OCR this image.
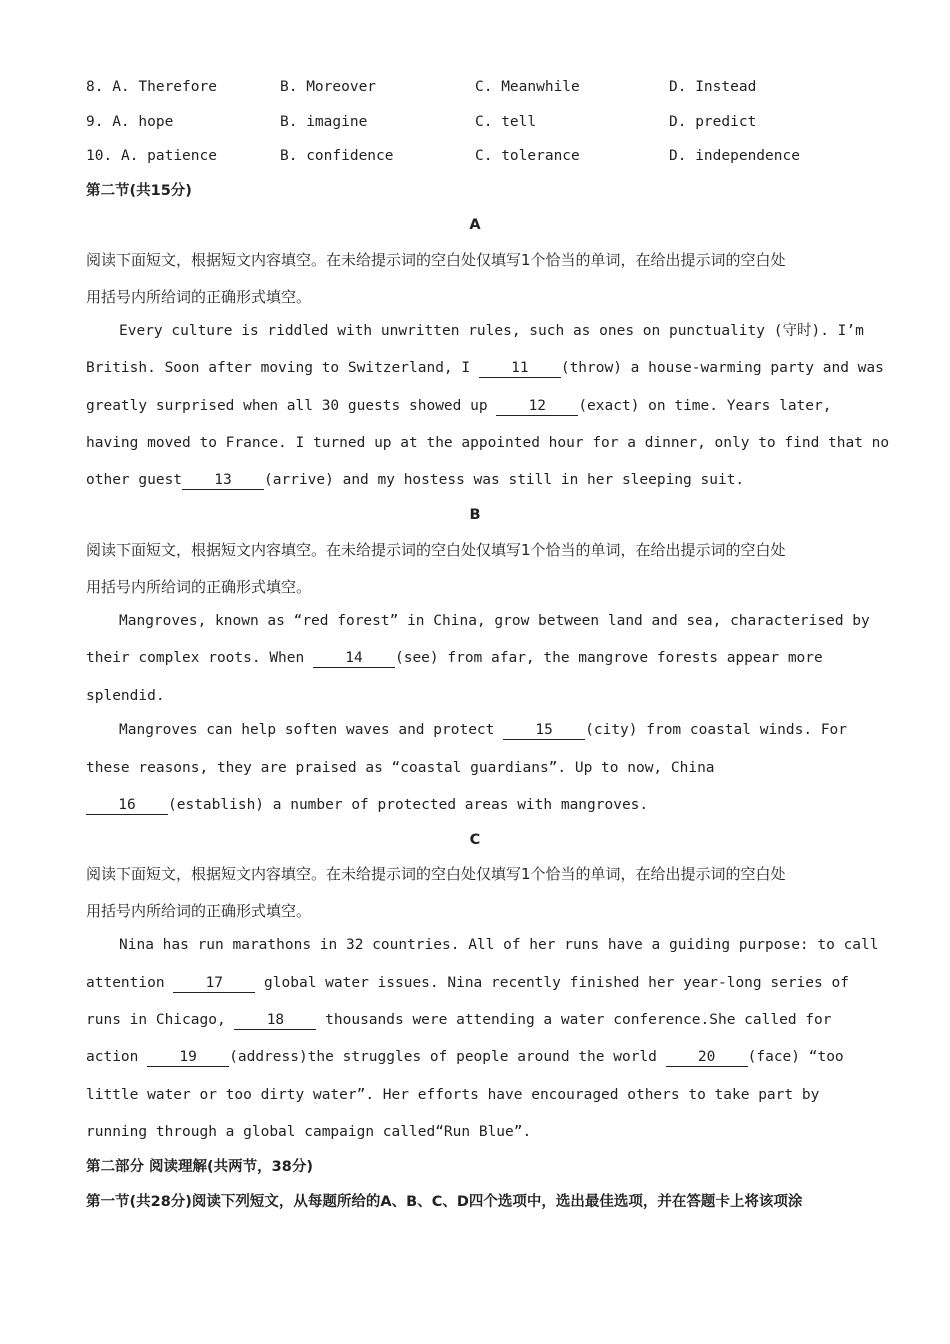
8. A. Therefore	B. Moreover	C. Meanwhile	D. Instead
9. A. hope	B. imagine	C. tell	D. predict
10. A. patience	B. confidence	C. tolerance	D. independence
第二节(共15分)
A
阅读下面短文，根据短文内容填空。在未给提示词的空白处仅填写1个恰当的单词，在给出提示词的空白处
用括号内所给词的正确形式填空。
Every culture is riddled with unwritten rules, such as ones on punctuality (守时). I’m
British. Soon after moving to Switzerland, I	11 (throw) a house-warming party and was
greatly surprised when all 30 guests showed up	12 (exact) on time. Years later,
having moved to France. I turned up at the appointed hour for a dinner, only to find that no
other guest 13 (arrive) and my hostess was still in her sleeping suit.
B
阅读下面短文，根据短文内容填空。在未给提示词的空白处仅填写1个恰当的单词，在给出提示词的空白处
用括号内所给词的正确形式填空。
Mangroves, known as “red forest” in China, grow between land and sea, characterised by
their complex roots. When	14 (see) from afar, the mangrove forests appear more
splendid.
Mangroves can help soften waves and protect	15 (city) from coastal winds. For
these reasons, they are praised as “coastal guardians”. Up to now, China
16 (establish) a number of protected areas with mangroves.
C
阅读下面短文，根据短文内容填空。在未给提示词的空白处仅填写1个恰当的单词，在给出提示词的空白处
用括号内所给词的正确形式填空。
Nina has run marathons in 32 countries. All of her runs have a guiding purpose: to call
attention	17	global water issues. Nina recently finished her year-long series of
runs in Chicago,	18	thousands were attending a water conference.She called for
action	19 (address)the struggles of people around the world	20 (face) “too
little water or too dirty water”. Her efforts have encouraged others to take part by
running through a global campaign called“Run Blue”.
第二部分 阅读理解(共两节，38分)
第一节(共28分)阅读下列短文，从每题所给的A、B、C、D四个选项中，选出最佳选项，并在答题卡上将该项涂
